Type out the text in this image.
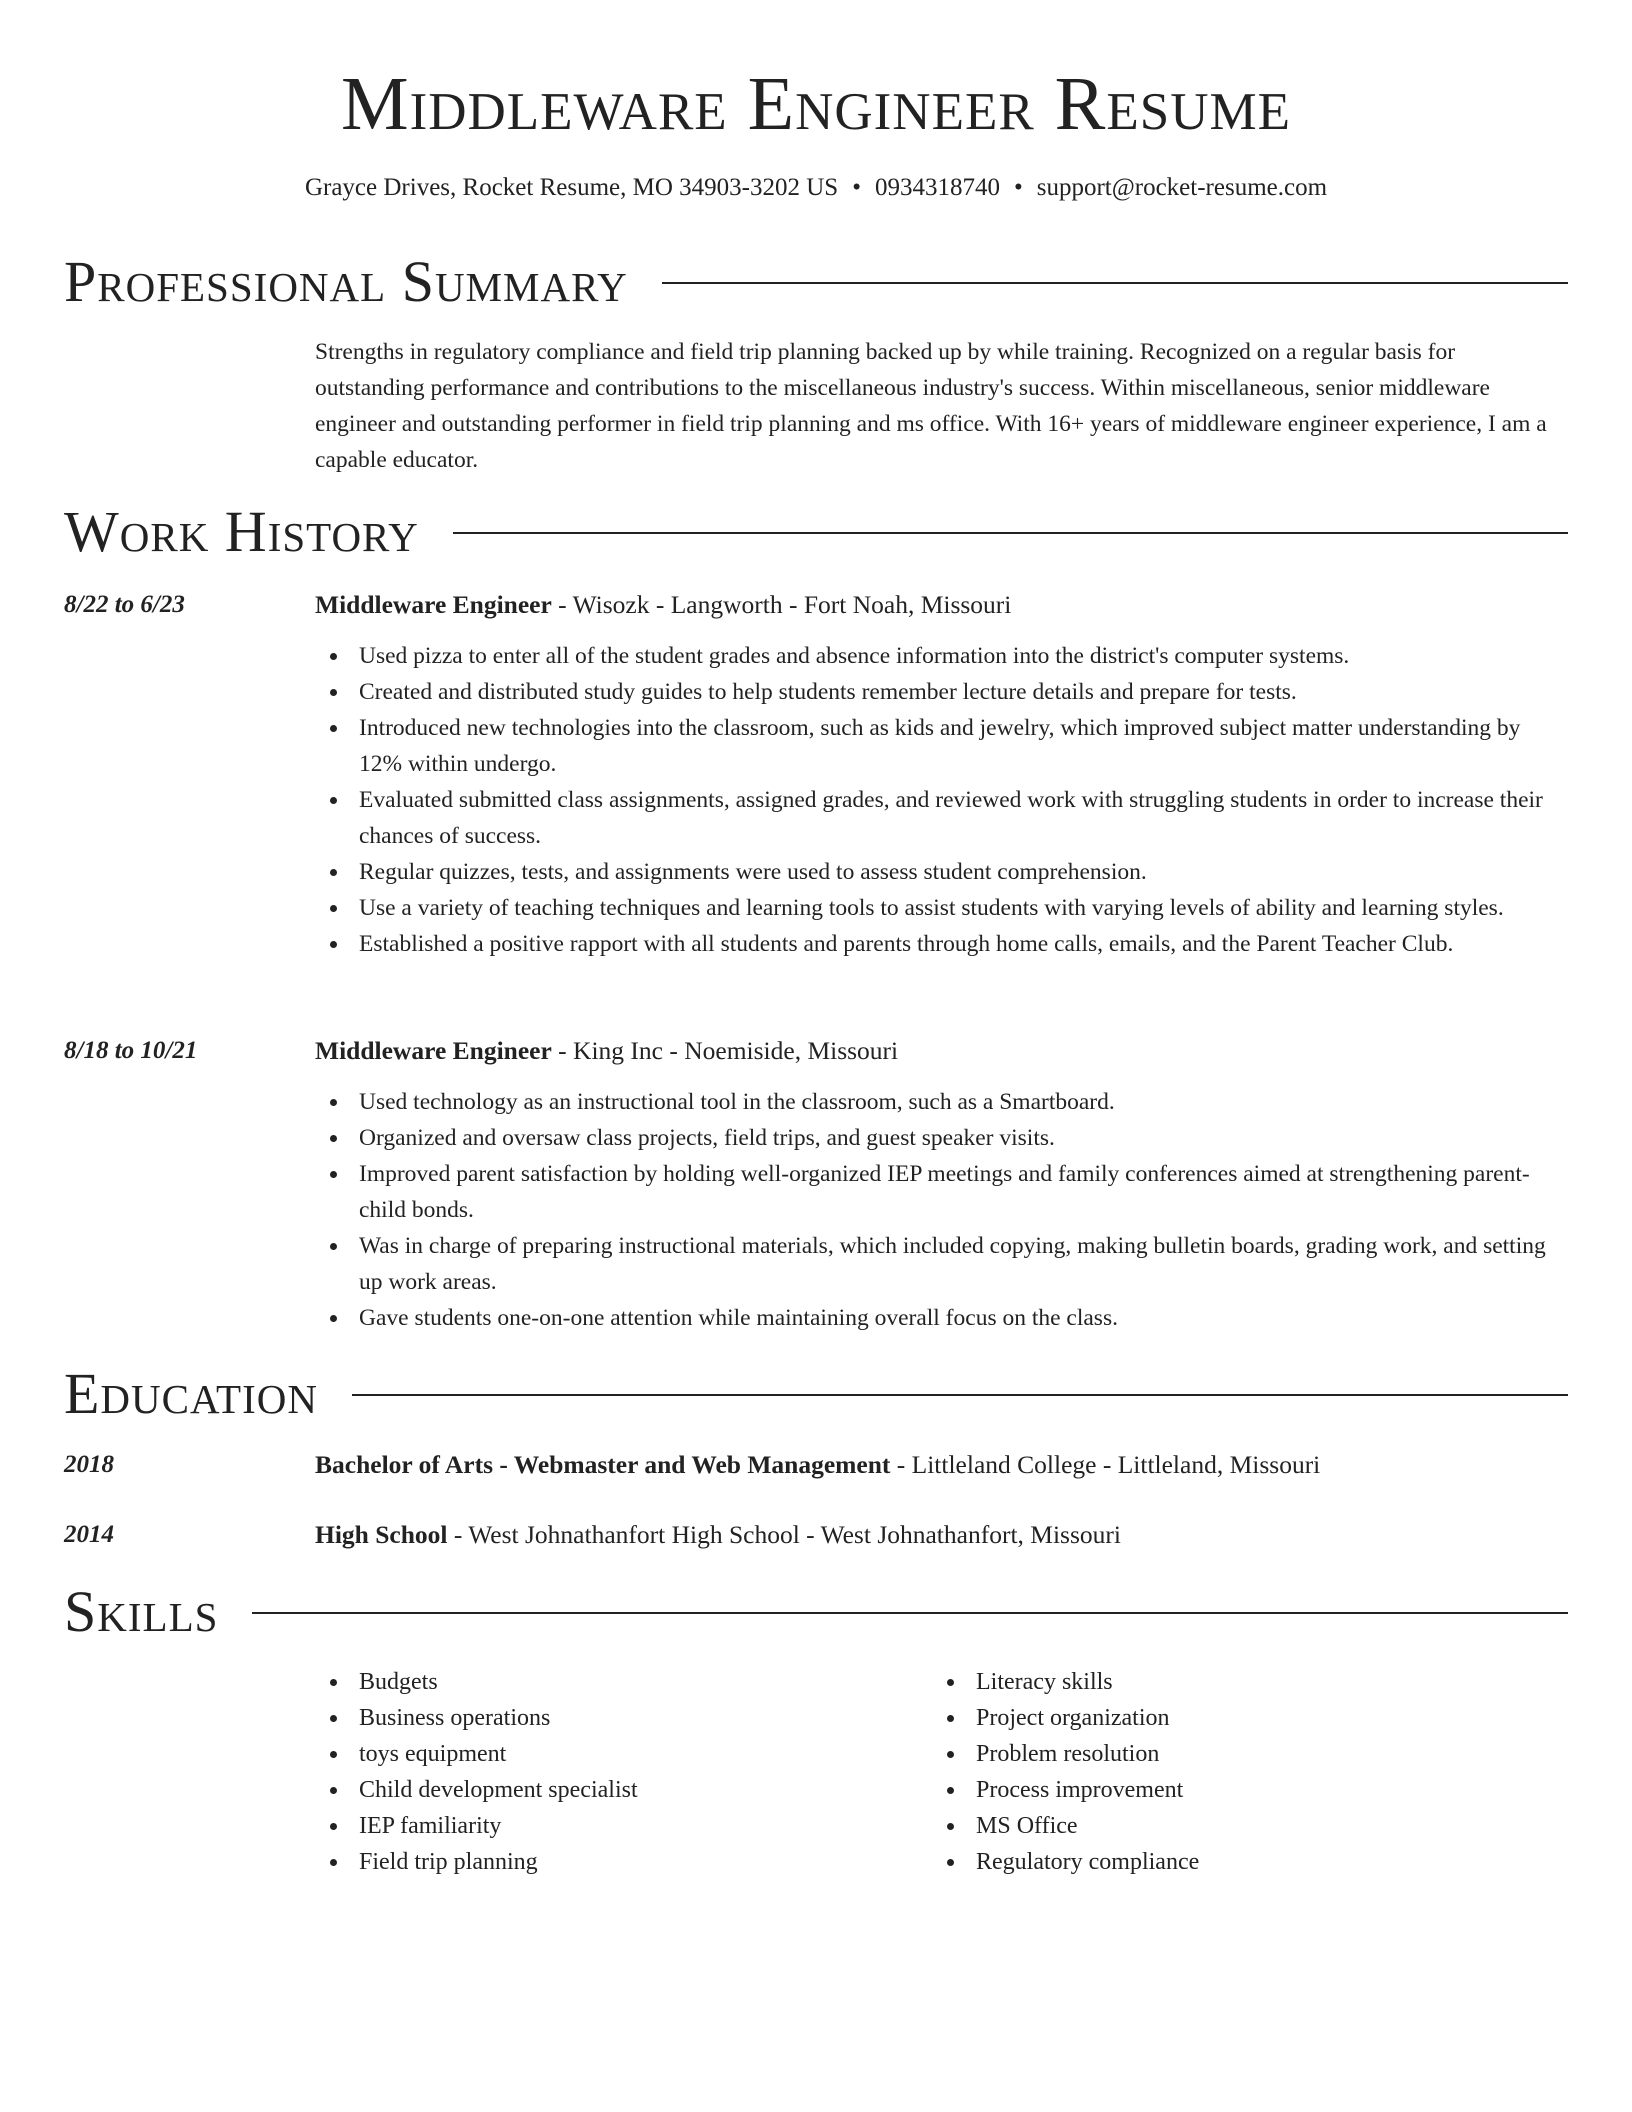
Middleware Engineer Resume
Grayce Drives, Rocket Resume, MO 34903-3202 US • 0934318740 • support@rocket-resume.com
Professional Summary
Strengths in regulatory compliance and field trip planning backed up by while training. Recognized on a regular basis for outstanding performance and contributions to the miscellaneous industry's success. Within miscellaneous, senior middleware engineer and outstanding performer in field trip planning and ms office. With 16+ years of middleware engineer experience, I am a capable educator.
Work History
8/22 to 6/23	Middleware Engineer - Wisozk - Langworth - Fort Noah, Missouri
Used pizza to enter all of the student grades and absence information into the district's computer systems.
Created and distributed study guides to help students remember lecture details and prepare for tests.
Introduced new technologies into the classroom, such as kids and jewelry, which improved subject matter understanding by 12% within undergo.
Evaluated submitted class assignments, assigned grades, and reviewed work with struggling students in order to increase their chances of success.
Regular quizzes, tests, and assignments were used to assess student comprehension.
Use a variety of teaching techniques and learning tools to assist students with varying levels of ability and learning styles.
Established a positive rapport with all students and parents through home calls, emails, and the Parent Teacher Club.
8/18 to 10/21	Middleware Engineer - King Inc - Noemiside, Missouri
Used technology as an instructional tool in the classroom, such as a Smartboard.
Organized and oversaw class projects, field trips, and guest speaker visits.
Improved parent satisfaction by holding well-organized IEP meetings and family conferences aimed at strengthening parent-child bonds.
Was in charge of preparing instructional materials, which included copying, making bulletin boards, grading work, and setting up work areas.
Gave students one-on-one attention while maintaining overall focus on the class.
Education
2018	Bachelor of Arts - Webmaster and Web Management - Littleland College - Littleland, Missouri
2014	High School - West Johnathanfort High School - West Johnathanfort, Missouri
Skills
Budgets
Business operations
toys equipment
Child development specialist
IEP familiarity
Field trip planning
Literacy skills
Project organization
Problem resolution
Process improvement
MS Office
Regulatory compliance
